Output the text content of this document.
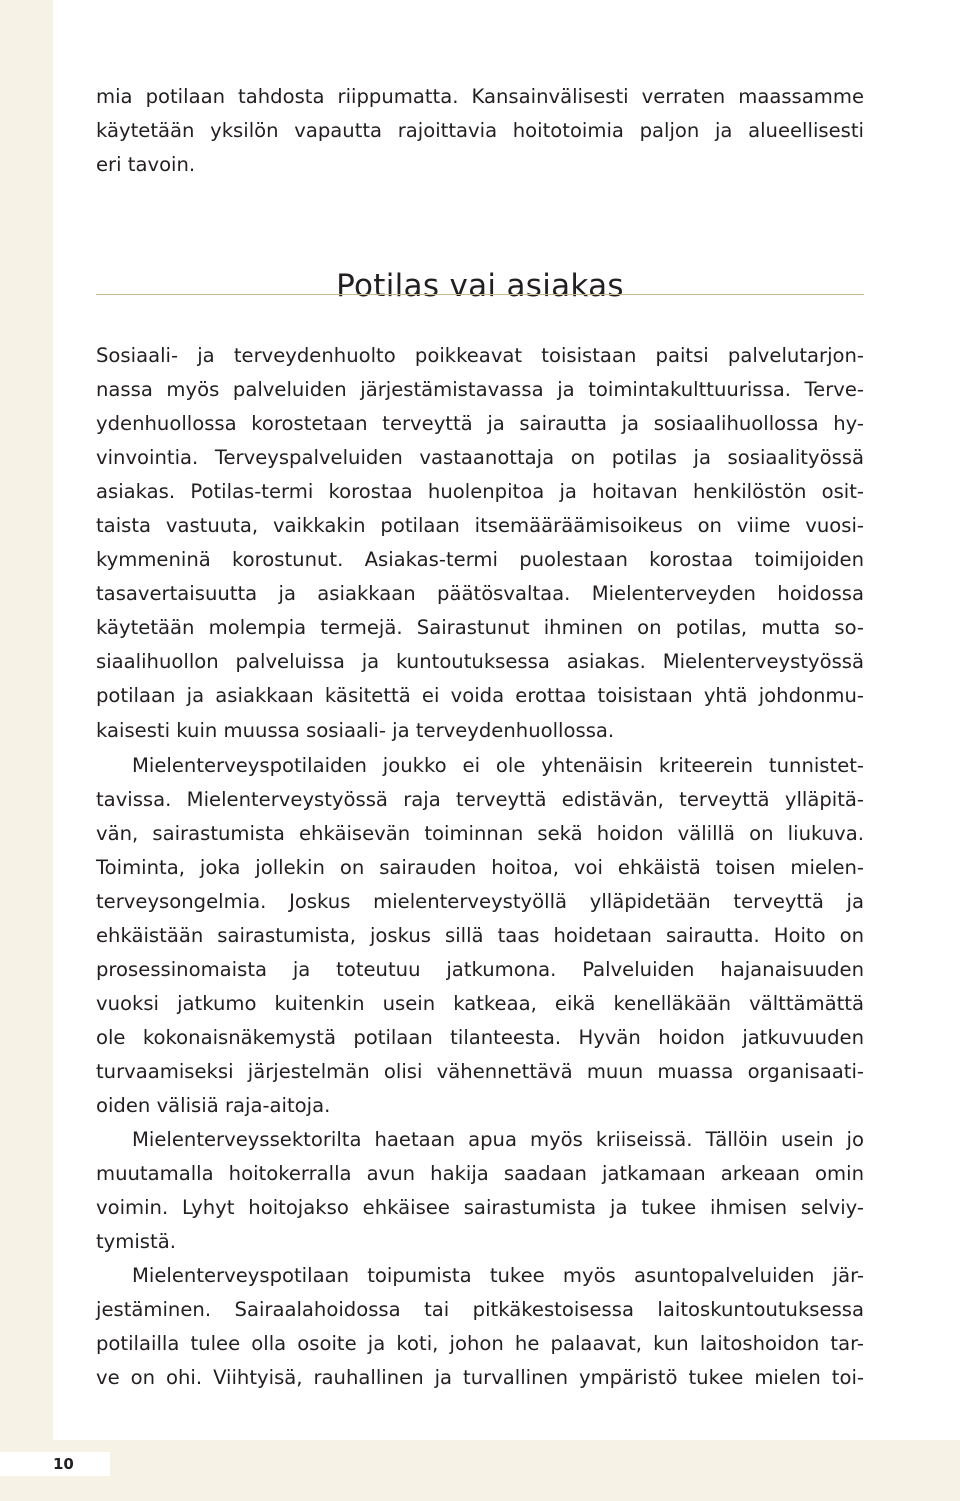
10
mia potilaan tahdosta riippumatta. Kansainvälisesti verraten maassamme
käytetään yksilön vapautta rajoittavia hoitotoimia paljon ja alueellisesti
eri tavoin.
Potilas vai asiakas
Sosiaali- ja terveydenhuolto poikkeavat toisistaan paitsi palvelutarjon-
nassa myös palveluiden järjestämistavassa ja toimintakulttuurissa. Terve-
ydenhuollossa korostetaan terveyttä ja sairautta ja sosiaalihuollossa hy-
vinvointia. Terveyspalveluiden vastaanottaja on potilas ja sosiaalityössä
asiakas. Potilas-termi korostaa huolenpitoa ja hoitavan henkilöstön osit-
taista vastuuta, vaikkakin potilaan itsemääräämisoikeus on viime vuosi-
kymmeninä korostunut. Asiakas-termi puolestaan korostaa toimijoiden
tasavertaisuutta ja asiakkaan päätösvaltaa. Mielenterveyden hoidossa
käytetään molempia termejä. Sairastunut ihminen on potilas, mutta so-
siaalihuollon palveluissa ja kuntoutuksessa asiakas. Mielenterveystyössä
potilaan ja asiakkaan käsitettä ei voida erottaa toisistaan yhtä johdonmu-
kaisesti kuin muussa sosiaali- ja terveydenhuollossa.
Mielenterveyspotilaiden joukko ei ole yhtenäisin kriteerein tunnistet-
tavissa. Mielenterveystyössä raja terveyttä edistävän, terveyttä ylläpitä-
vän, sairastumista ehkäisevän toiminnan sekä hoidon välillä on liukuva.
Toiminta, joka jollekin on sairauden hoitoa, voi ehkäistä toisen mielen-
terveysongelmia. Joskus mielenterveystyöllä ylläpidetään terveyttä ja
ehkäistään sairastumista, joskus sillä taas hoidetaan sairautta. Hoito on
prosessinomaista ja toteutuu jatkumona. Palveluiden hajanaisuuden
vuoksi jatkumo kuitenkin usein katkeaa, eikä kenelläkään välttämättä
ole kokonaisnäkemystä potilaan tilanteesta. Hyvän hoidon jatkuvuuden
turvaamiseksi järjestelmän olisi vähennettävä muun muassa organisaati-
oiden välisiä raja-aitoja.
Mielenterveyssektorilta haetaan apua myös kriiseissä. Tällöin usein jo
muutamalla hoitokerralla avun hakija saadaan jatkamaan arkeaan omin
voimin. Lyhyt hoitojakso ehkäisee sairastumista ja tukee ihmisen selviy-
tymistä.
Mielenterveyspotilaan toipumista tukee myös asuntopalveluiden jär-
jestäminen. Sairaalahoidossa tai pitkäkestoisessa laitoskuntoutuksessa
potilailla tulee olla osoite ja koti, johon he palaavat, kun laitoshoidon tar-
ve on ohi. Viihtyisä, rauhallinen ja turvallinen ympäristö tukee mielen toi-
